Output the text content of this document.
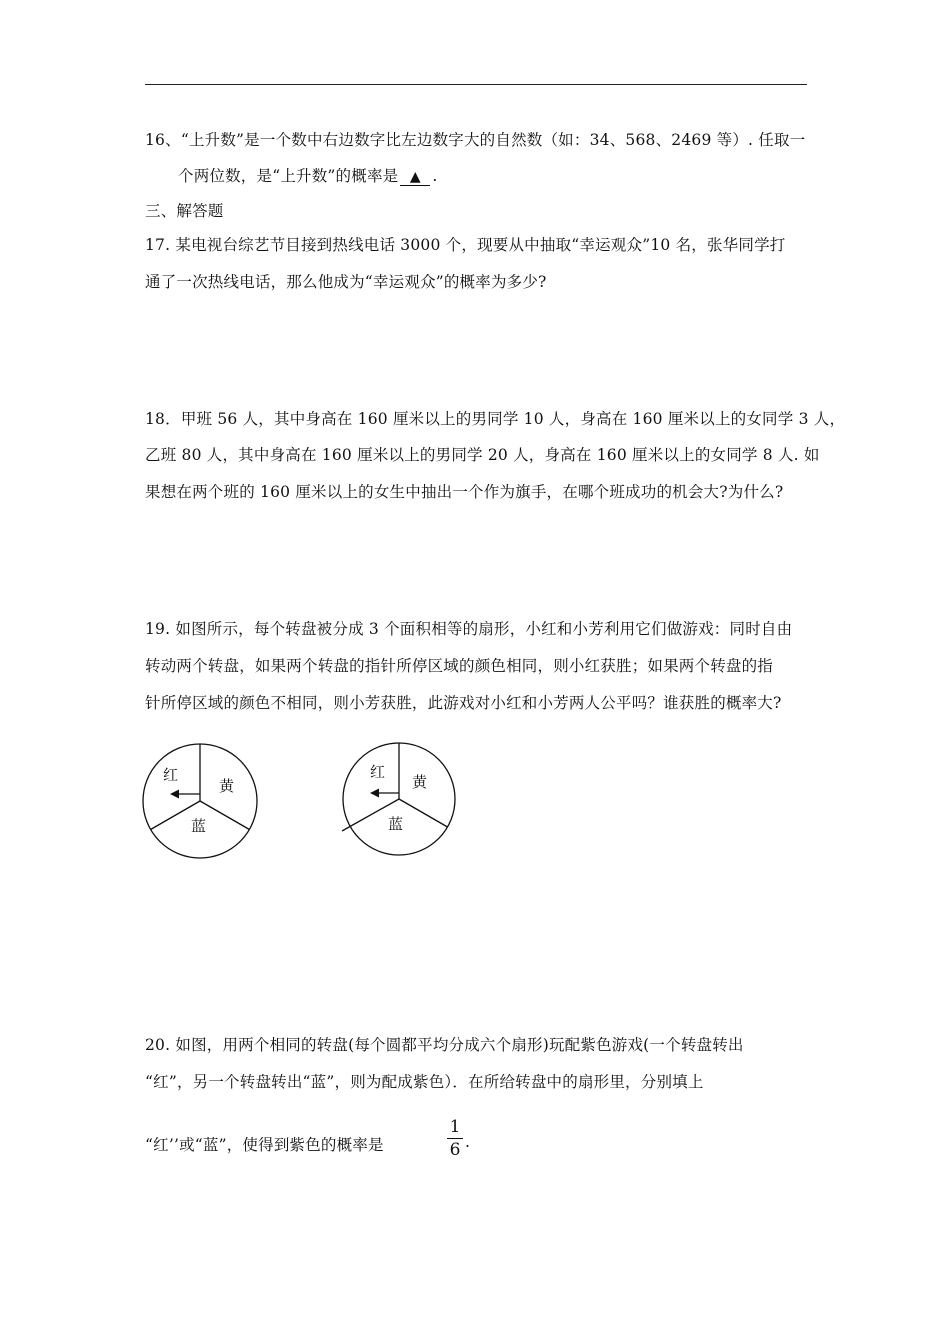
16、“上升数”是一个数中右边数字比左边数字大的自然数（如：34、568、2469 等）. 任取一
个两位数，是“上升数”的概率是 ▲ .
三、解答题
17. 某电视台综艺节目接到热线电话 3000 个，现要从中抽取“幸运观众”10 名，张华同学打
通了一次热线电话，那么他成为“幸运观众”的概率为多少?
18．甲班 56 人，其中身高在 160 厘米以上的男同学 10 人，身高在 160 厘米以上的女同学 3 人，
乙班 80 人，其中身高在 160 厘米以上的男同学 20 人，身高在 160 厘米以上的女同学 8 人. 如
果想在两个班的 160 厘米以上的女生中抽出一个作为旗手，在哪个班成功的机会大?为什么?
19. 如图所示，每个转盘被分成 3 个面积相等的扇形，小红和小芳利用它们做游戏：同时自由
转动两个转盘，如果两个转盘的指针所停区域的颜色相同，则小红获胜；如果两个转盘的指
针所停区域的颜色不相同，则小芳获胜，此游戏对小红和小芳两人公平吗？谁获胜的概率大?
红
黄
蓝
红
黄
蓝
20. 如图，用两个相同的转盘(每个圆都平均分成六个扇形)玩配紫色游戏(一个转盘转出
“红”，另一个转盘转出“蓝”，则为配成紫色）．在所给转盘中的扇形里，分别填上
“红’’或“蓝”，使得到紫色的概率是
1
6 .
